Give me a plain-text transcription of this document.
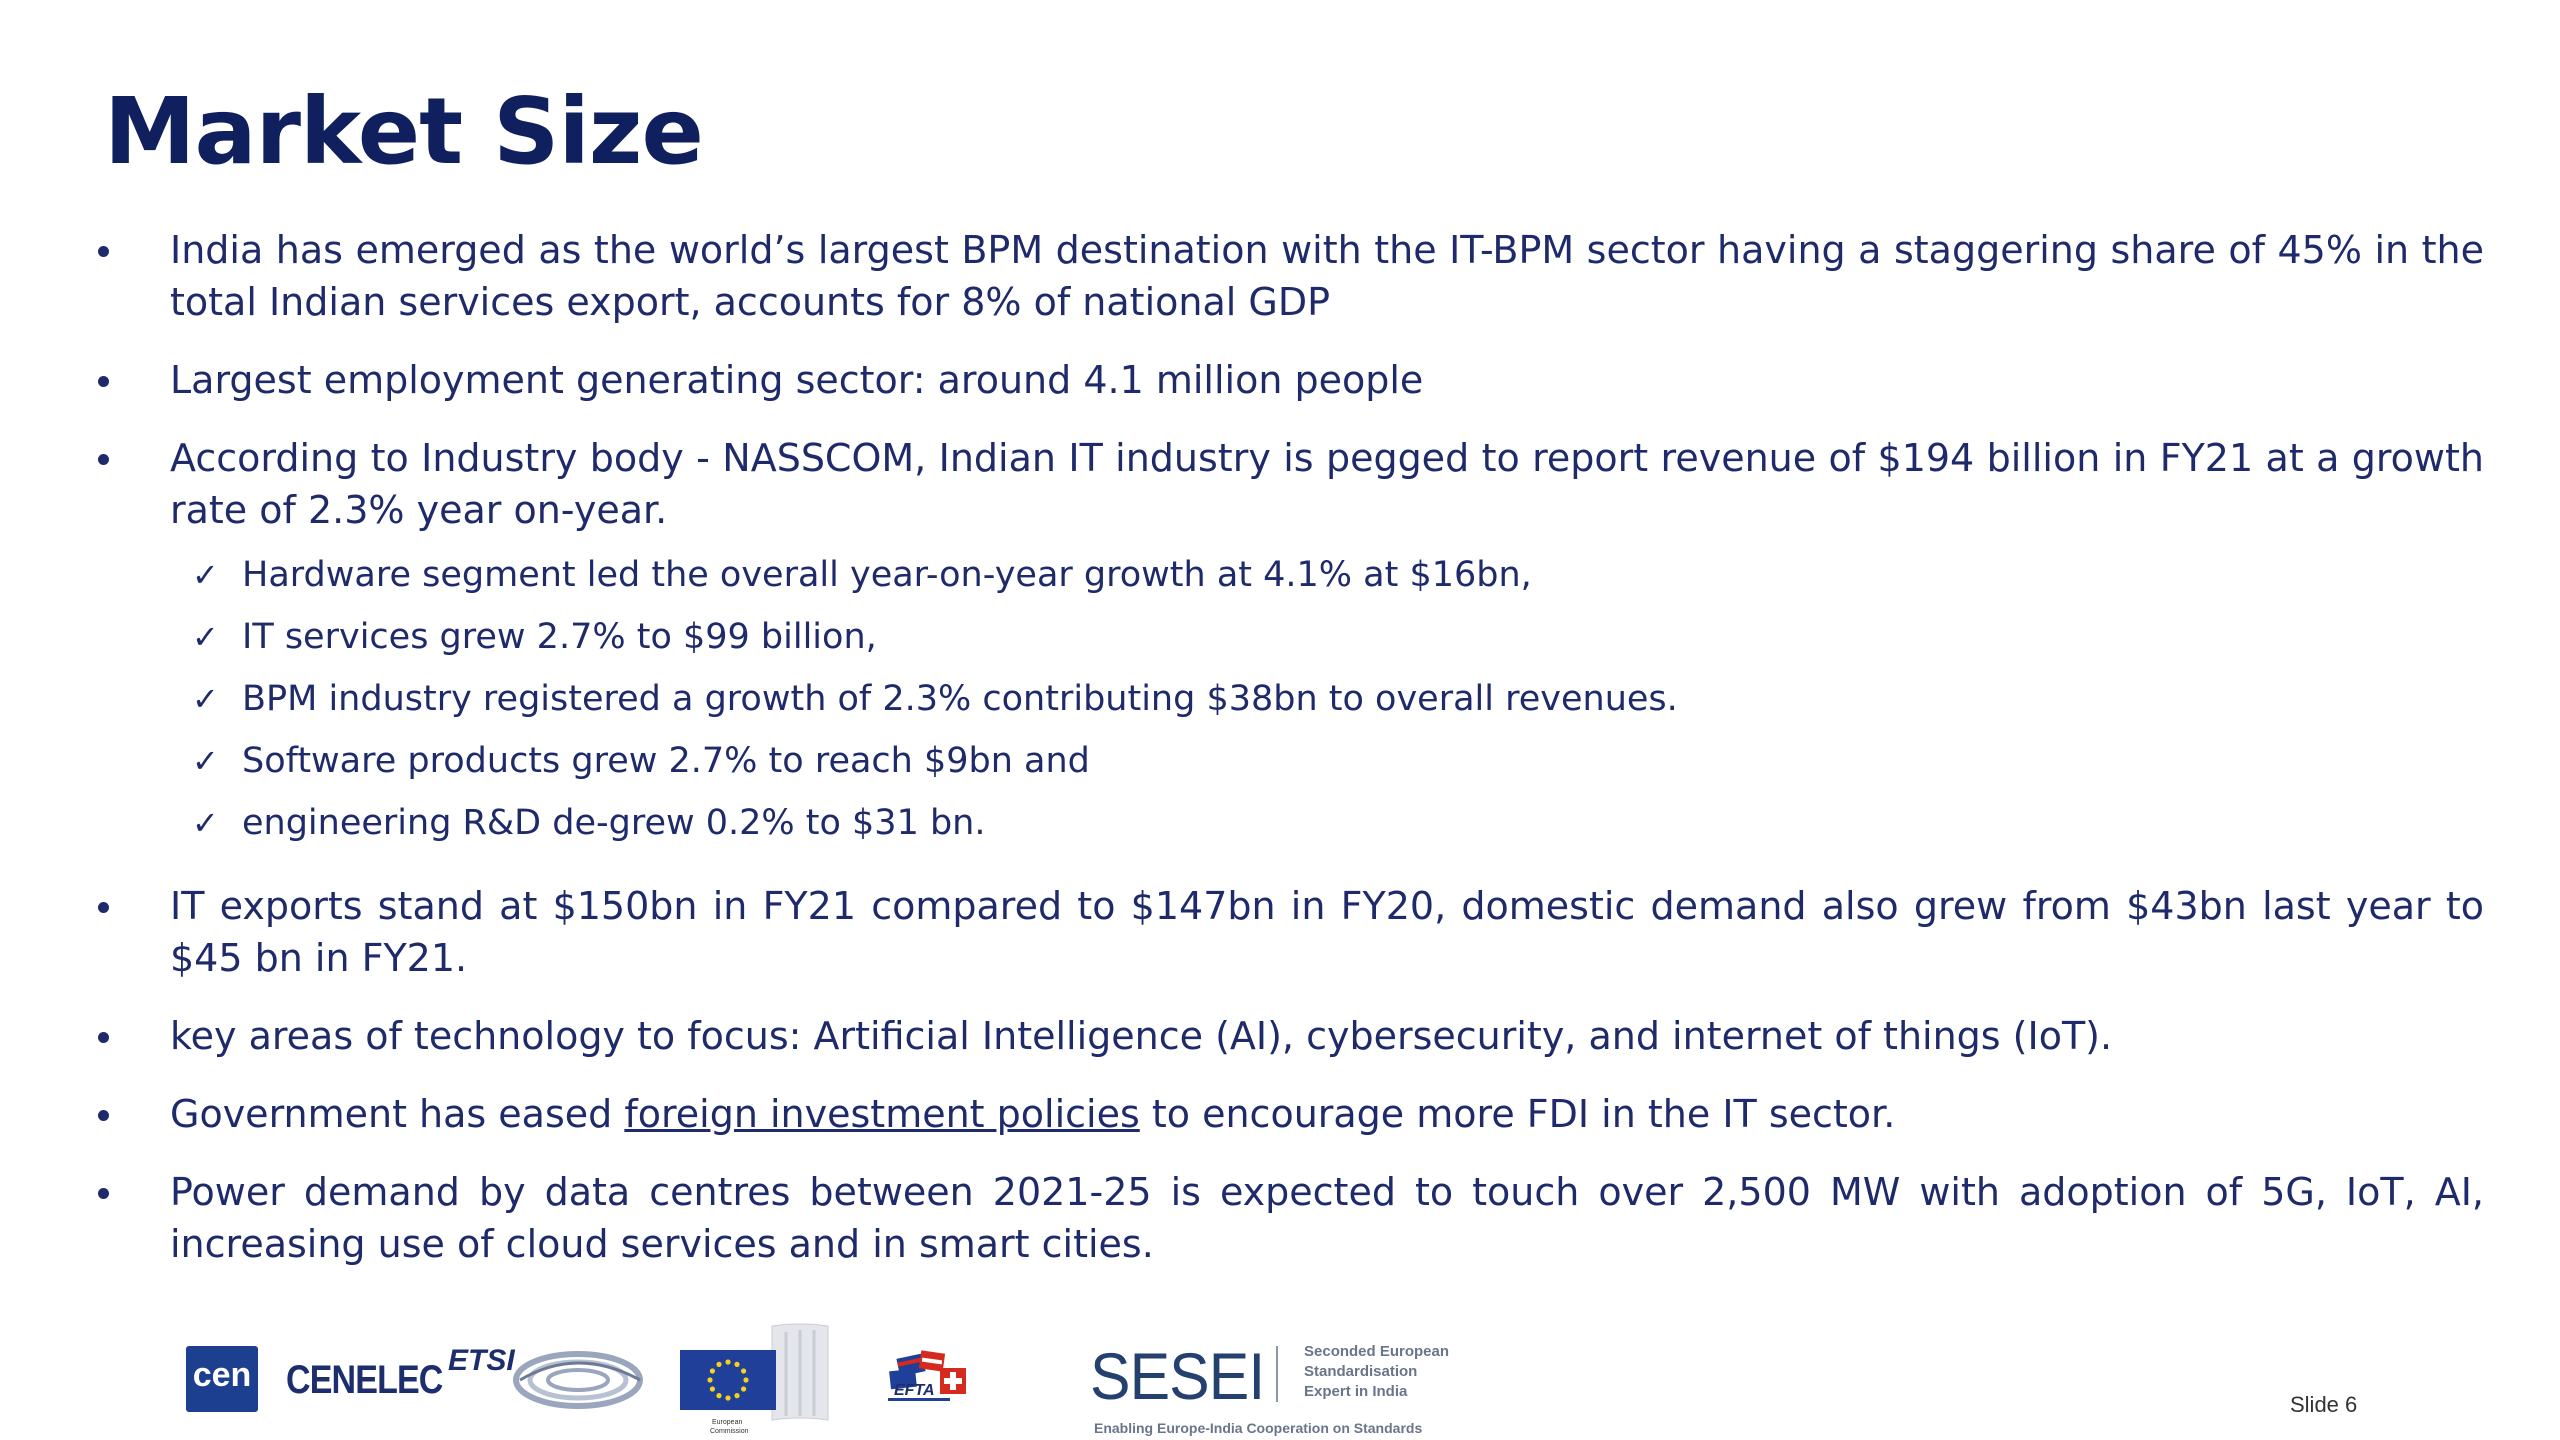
Market Size
India has emerged as the world’s largest BPM destination with the IT-BPM sector having a staggering share of 45% in the total Indian services export, accounts for 8% of national GDP
Largest employment generating sector: around 4.1 million people
According to Industry body - NASSCOM, Indian IT industry is pegged to report revenue of $194 billion in FY21 at a growth rate of 2.3% year on-year.
✓ Hardware segment led the overall year-on-year growth at 4.1% at $16bn,
✓ IT services grew 2.7% to $99 billion,
✓ BPM industry registered a growth of 2.3% contributing $38bn to overall revenues.
✓ Software products grew 2.7% to reach $9bn and
✓ engineering R&D de-grew 0.2% to $31 bn.
IT exports stand at $150bn in FY21 compared to $147bn in FY20, domestic demand also grew from $43bn last year to $45 bn in FY21.
key areas of technology to focus: Artificial Intelligence (AI), cybersecurity, and internet of things (IoT).
Government has eased foreign investment policies to encourage more FDI in the IT sector.
Power demand by data centres between 2021-25 is expected to touch over 2,500 MW with adoption of 5G, IoT, AI, increasing use of cloud services and in smart cities.
cen CENELEC ETSI
European
Commission
EFTA SESEI	Seconded European
Standardisation
Expert in India
Enabling Europe-India Cooperation on Standards
Slide 6
